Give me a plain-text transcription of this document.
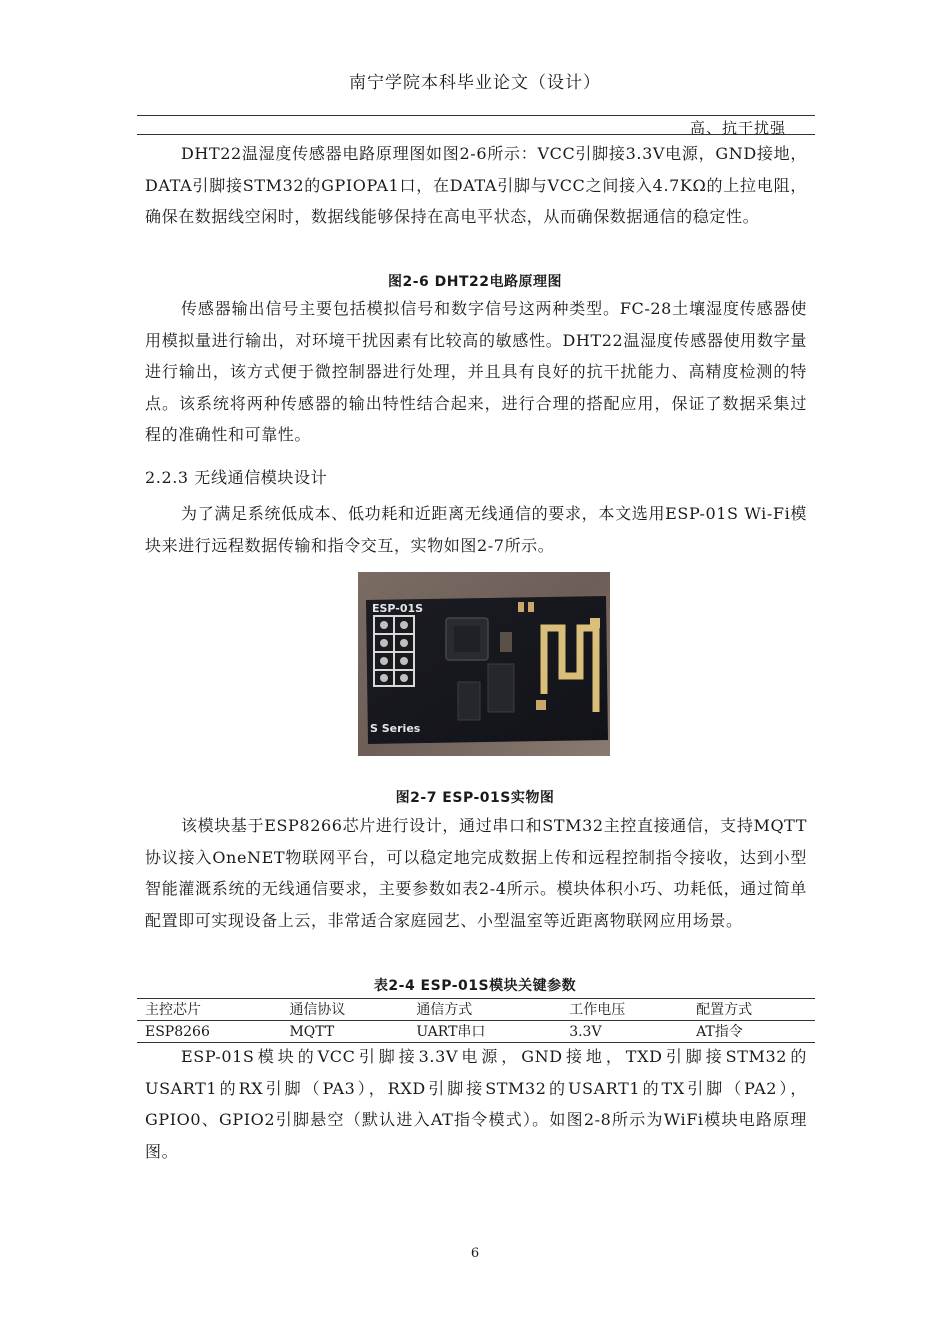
南宁学院本科毕业论文（设计）
高、抗干扰强
DHT22温湿度传感器电路原理图如图2-6所示：VCC引脚接3.3V电源，GND接地，DATA引脚接STM32的GPIOPA1口，在DATA引脚与VCC之间接入4.7KΩ的上拉电阻，确保在数据线空闲时，数据线能够保持在高电平状态，从而确保数据通信的稳定性。
图2-6 DHT22电路原理图
传感器输出信号主要包括模拟信号和数字信号这两种类型。FC-28土壤湿度传感器使用模拟量进行输出，对环境干扰因素有比较高的敏感性。DHT22温湿度传感器使用数字量进行输出，该方式便于微控制器进行处理，并且具有良好的抗干扰能力、高精度检测的特点。该系统将两种传感器的输出特性结合起来，进行合理的搭配应用，保证了数据采集过程的准确性和可靠性。
2.2.3 无线通信模块设计
为了满足系统低成本、低功耗和近距离无线通信的要求，本文选用ESP-01S Wi-Fi模块来进行远程数据传输和指令交互，实物如图2-7所示。
ESP-01S
S Series
图2-7 ESP-01S实物图
该模块基于ESP8266芯片进行设计，通过串口和STM32主控直接通信，支持MQTT协议接入OneNET物联网平台，可以稳定地完成数据上传和远程控制指令接收，达到小型智能灌溉系统的无线通信要求，主要参数如表2-4所示。模块体积小巧、功耗低，通过简单配置即可实现设备上云，非常适合家庭园艺、小型温室等近距离物联网应用场景。
表2-4 ESP-01S模块关键参数
主控芯片	通信协议	通信方式	工作电压	配置方式
ESP8266	MQTT	UART串口	3.3V	AT指令
ESP-01S模块的VCC引脚接3.3V电源，GND接地，TXD引脚接STM32的USART1的RX引脚（PA3），RXD引脚接STM32的USART1的TX引脚（PA2），GPIO0、GPIO2引脚悬空（默认进入AT指令模式）。如图2-8所示为WiFi模块电路原理图。
6
